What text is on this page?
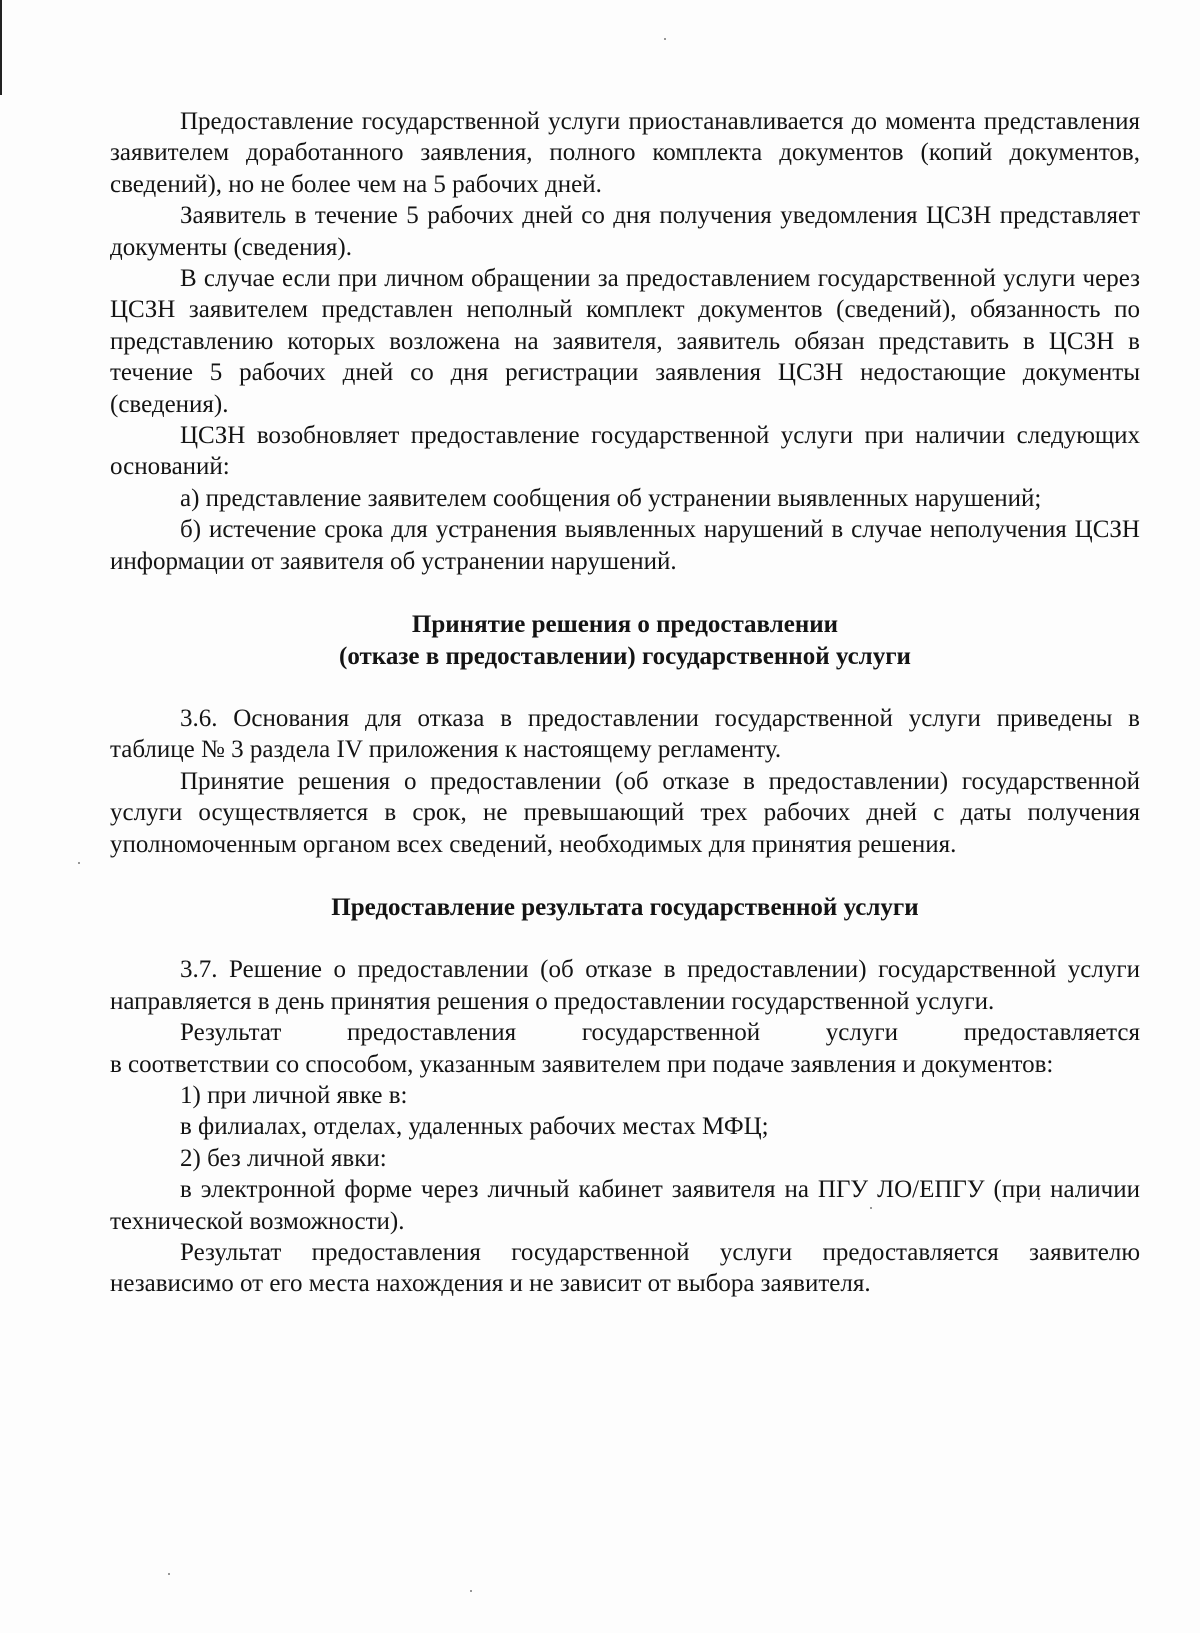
Предоставление государственной услуги приостанавливается до момента представления заявителем доработанного заявления, полного комплекта документов (копий документов, сведений), но не более чем на 5 рабочих дней.

Заявитель в течение 5 рабочих дней со дня получения уведомления ЦСЗН представляет документы (сведения).

В случае если при личном обращении за предоставлением государственной услуги через ЦСЗН заявителем представлен неполный комплект документов (сведений), обязанность по представлению которых возложена на заявителя, заявитель обязан представить в ЦСЗН в течение 5 рабочих дней со дня регистрации заявления ЦСЗН недостающие документы (сведения).

ЦСЗН возобновляет предоставление государственной услуги при наличии следующих оснований:

а) представление заявителем сообщения об устранении выявленных нарушений;

б) истечение срока для устранения выявленных нарушений в случае неполучения ЦСЗН информации от заявителя об устранении нарушений.

Принятие решения о предоставлении
(отказе в предоставлении) государственной услуги

3.6. Основания для отказа в предоставлении государственной услуги приведены в таблице № 3 раздела IV приложения к настоящему регламенту.

Принятие решения о предоставлении (об отказе в предоставлении) государственной услуги осуществляется в срок, не превышающий трех рабочих дней с даты получения уполномоченным органом всех сведений, необходимых для принятия решения.

Предоставление результата государственной услуги

3.7. Решение о предоставлении (об отказе в предоставлении) государственной услуги направляется в день принятия решения о предоставлении государственной услуги.

Результат предоставления государственной услуги предоставляется

в соответствии со способом, указанным заявителем при подаче заявления и документов:

1) при личной явке в:

в филиалах, отделах, удаленных рабочих местах МФЦ;

2) без личной явки:

в электронной форме через личный кабинет заявителя на ПГУ ЛО/ЕПГУ (при наличии технической возможности).

Результат предоставления государственной услуги предоставляется заявителю независимо от его места нахождения и не зависит от выбора заявителя.
